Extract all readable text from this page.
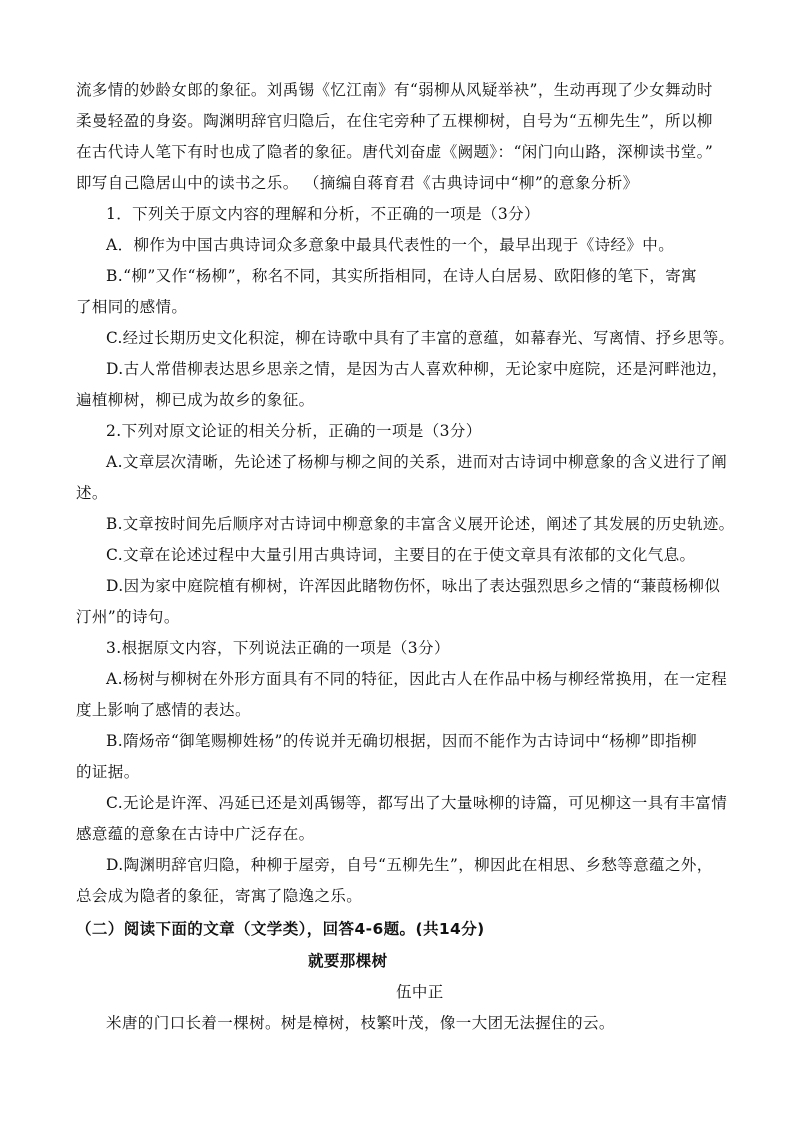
流多情的妙龄女郎的象征。刘禹锡《忆江南》有“弱柳从风疑举袂”，生动再现了少女舞动时
柔曼轻盈的身姿。陶渊明辞官归隐后，在住宅旁种了五棵柳树，自号为“五柳先生”，所以柳
在古代诗人笔下有时也成了隐者的象征。唐代刘奋虚《阙题》：“闲门向山路，深柳读书堂。”
即写自己隐居山中的读书之乐。 （摘编自蒋育君《古典诗词中“柳”的意象分析》
1．下列关于原文内容的理解和分析，不正确的一项是（3分）
A．柳作为中国古典诗词众多意象中最具代表性的一个，最早出现于《诗经》中。
B.“柳”又作“杨柳”，称名不同，其实所指相同，在诗人白居易、欧阳修的笔下，寄寓
了相同的感情。
C.经过长期历史文化积淀，柳在诗歌中具有了丰富的意蕴，如幕春光、写离情、抒乡思等。
D.古人常借柳表达思乡思亲之情，是因为古人喜欢种柳，无论家中庭院，还是河畔池边，
遍植柳树，柳已成为故乡的象征。
2.下列对原文论证的相关分析，正确的一项是（3分）
A.文章层次清晰，先论述了杨柳与柳之间的关系，进而对古诗词中柳意象的含义进行了阐
述。
B.文章按时间先后顺序对古诗词中柳意象的丰富含义展开论述，阐述了其发展的历史轨迹。
C.文章在论述过程中大量引用古典诗词，主要目的在于使文章具有浓郁的文化气息。
D.因为家中庭院植有柳树，许浑因此睹物伤怀，咏出了表达强烈思乡之情的“蒹葭杨柳似
汀州”的诗句。
3.根据原文内容，下列说法正确的一项是（3分）
A.杨树与柳树在外形方面具有不同的特征，因此古人在作品中杨与柳经常换用，在一定程
度上影响了感情的表达。
B.隋炀帝“御笔赐柳姓杨”的传说并无确切根据，因而不能作为古诗词中“杨柳”即指柳
的证据。
C.无论是许浑、冯延已还是刘禹锡等，都写出了大量咏柳的诗篇，可见柳这一具有丰富情
感意蕴的意象在古诗中广泛存在。
D.陶渊明辞官归隐，种柳于屋旁，自号“五柳先生”，柳因此在相思、乡愁等意蕴之外，
总会成为隐者的象征，寄寓了隐逸之乐。
（二）阅读下面的文章（文学类），回答4-6题。(共14分)
就要那棵树
伍中正
米唐的门口长着一棵树。树是樟树，枝繁叶茂，像一大团无法握住的云。
